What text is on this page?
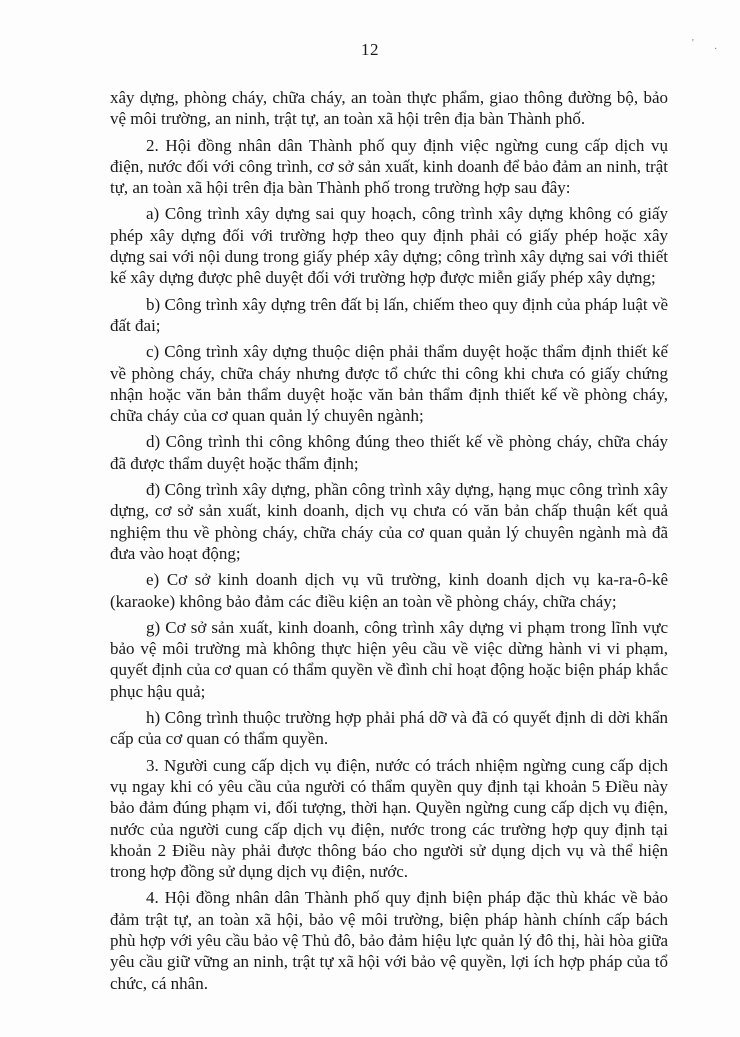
12	·
'

xây dựng, phòng cháy, chữa cháy, an toàn thực phẩm, giao thông đường bộ, bảo vệ môi trường, an ninh, trật tự, an toàn xã hội trên địa bàn Thành phố.

2. Hội đồng nhân dân Thành phố quy định việc ngừng cung cấp dịch vụ điện, nước đối với công trình, cơ sở sản xuất, kinh doanh để bảo đảm an ninh, trật tự, an toàn xã hội trên địa bàn Thành phố trong trường hợp sau đây:

a) Công trình xây dựng sai quy hoạch, công trình xây dựng không có giấy phép xây dựng đối với trường hợp theo quy định phải có giấy phép hoặc xây dựng sai với nội dung trong giấy phép xây dựng; công trình xây dựng sai với thiết kế xây dựng được phê duyệt đối với trường hợp được miễn giấy phép xây dựng;

b) Công trình xây dựng trên đất bị lấn, chiếm theo quy định của pháp luật về đất đai;

c) Công trình xây dựng thuộc diện phải thẩm duyệt hoặc thẩm định thiết kế về phòng cháy, chữa cháy nhưng được tổ chức thi công khi chưa có giấy chứng nhận hoặc văn bản thẩm duyệt hoặc văn bản thẩm định thiết kế về phòng cháy, chữa cháy của cơ quan quản lý chuyên ngành;

d) Công trình thi công không đúng theo thiết kế về phòng cháy, chữa cháy đã được thẩm duyệt hoặc thẩm định;

đ) Công trình xây dựng, phần công trình xây dựng, hạng mục công trình xây dựng, cơ sở sản xuất, kinh doanh, dịch vụ chưa có văn bản chấp thuận kết quả nghiệm thu về phòng cháy, chữa cháy của cơ quan quản lý chuyên ngành mà đã đưa vào hoạt động;

e) Cơ sở kinh doanh dịch vụ vũ trường, kinh doanh dịch vụ ka-ra-ô-kê (karaoke) không bảo đảm các điều kiện an toàn về phòng cháy, chữa cháy;

g) Cơ sở sản xuất, kinh doanh, công trình xây dựng vi phạm trong lĩnh vực bảo vệ môi trường mà không thực hiện yêu cầu về việc dừng hành vi vi phạm, quyết định của cơ quan có thẩm quyền về đình chỉ hoạt động hoặc biện pháp khắc phục hậu quả;

h) Công trình thuộc trường hợp phải phá dỡ và đã có quyết định di dời khẩn cấp của cơ quan có thẩm quyền.

3. Người cung cấp dịch vụ điện, nước có trách nhiệm ngừng cung cấp dịch vụ ngay khi có yêu cầu của người có thẩm quyền quy định tại khoản 5 Điều này bảo đảm đúng phạm vi, đối tượng, thời hạn. Quyền ngừng cung cấp dịch vụ điện, nước của người cung cấp dịch vụ điện, nước trong các trường hợp quy định tại khoản 2 Điều này phải được thông báo cho người sử dụng dịch vụ và thể hiện trong hợp đồng sử dụng dịch vụ điện, nước.

4. Hội đồng nhân dân Thành phố quy định biện pháp đặc thù khác về bảo đảm trật tự, an toàn xã hội, bảo vệ môi trường, biện pháp hành chính cấp bách phù hợp với yêu cầu bảo vệ Thủ đô, bảo đảm hiệu lực quản lý đô thị, hài hòa giữa yêu cầu giữ vững an ninh, trật tự xã hội với bảo vệ quyền, lợi ích hợp pháp của tổ chức, cá nhân.
